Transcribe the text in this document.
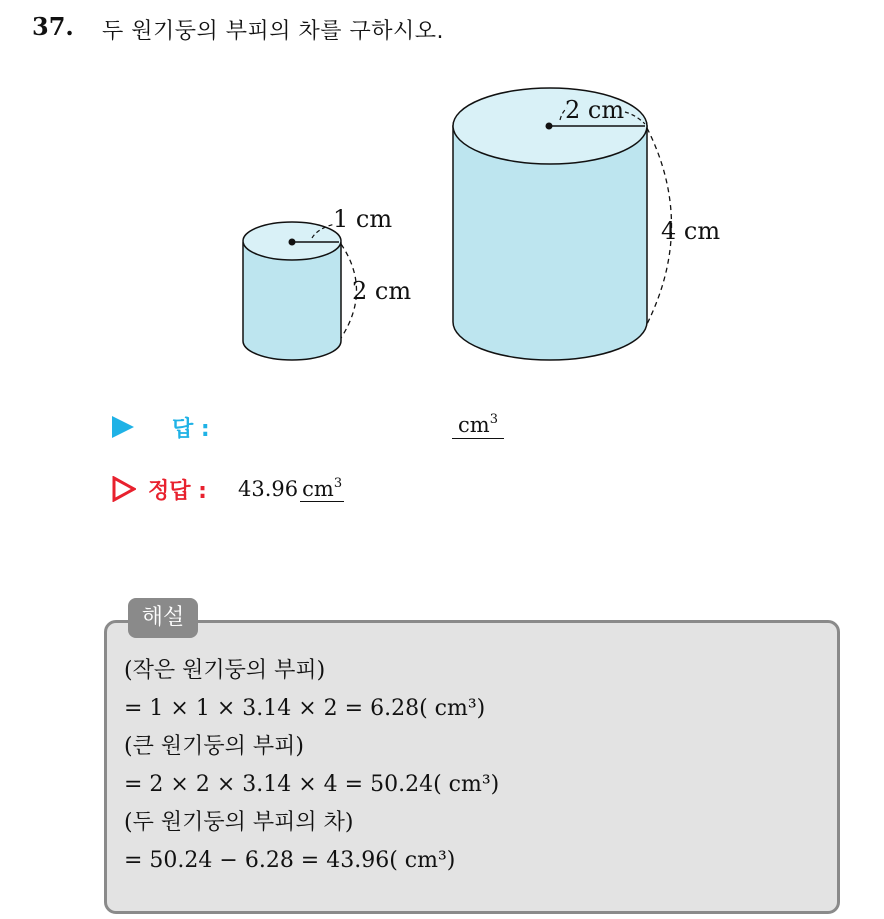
37. 두 원기둥의 부피의 차를 구하시오.
1 cm
2 cm
2 cm
4 cm
답 :	$cm^3$
정답 : 43.96 $cm^3$
해설
(작은 원기둥의 부피)
= 1 × 1 × 3.14 × 2 = 6.28( cm³)
(큰 원기둥의 부피)
= 2 × 2 × 3.14 × 4 = 50.24( cm³)
(두 원기둥의 부피의 차)
= 50.24 − 6.28 = 43.96( cm³)
